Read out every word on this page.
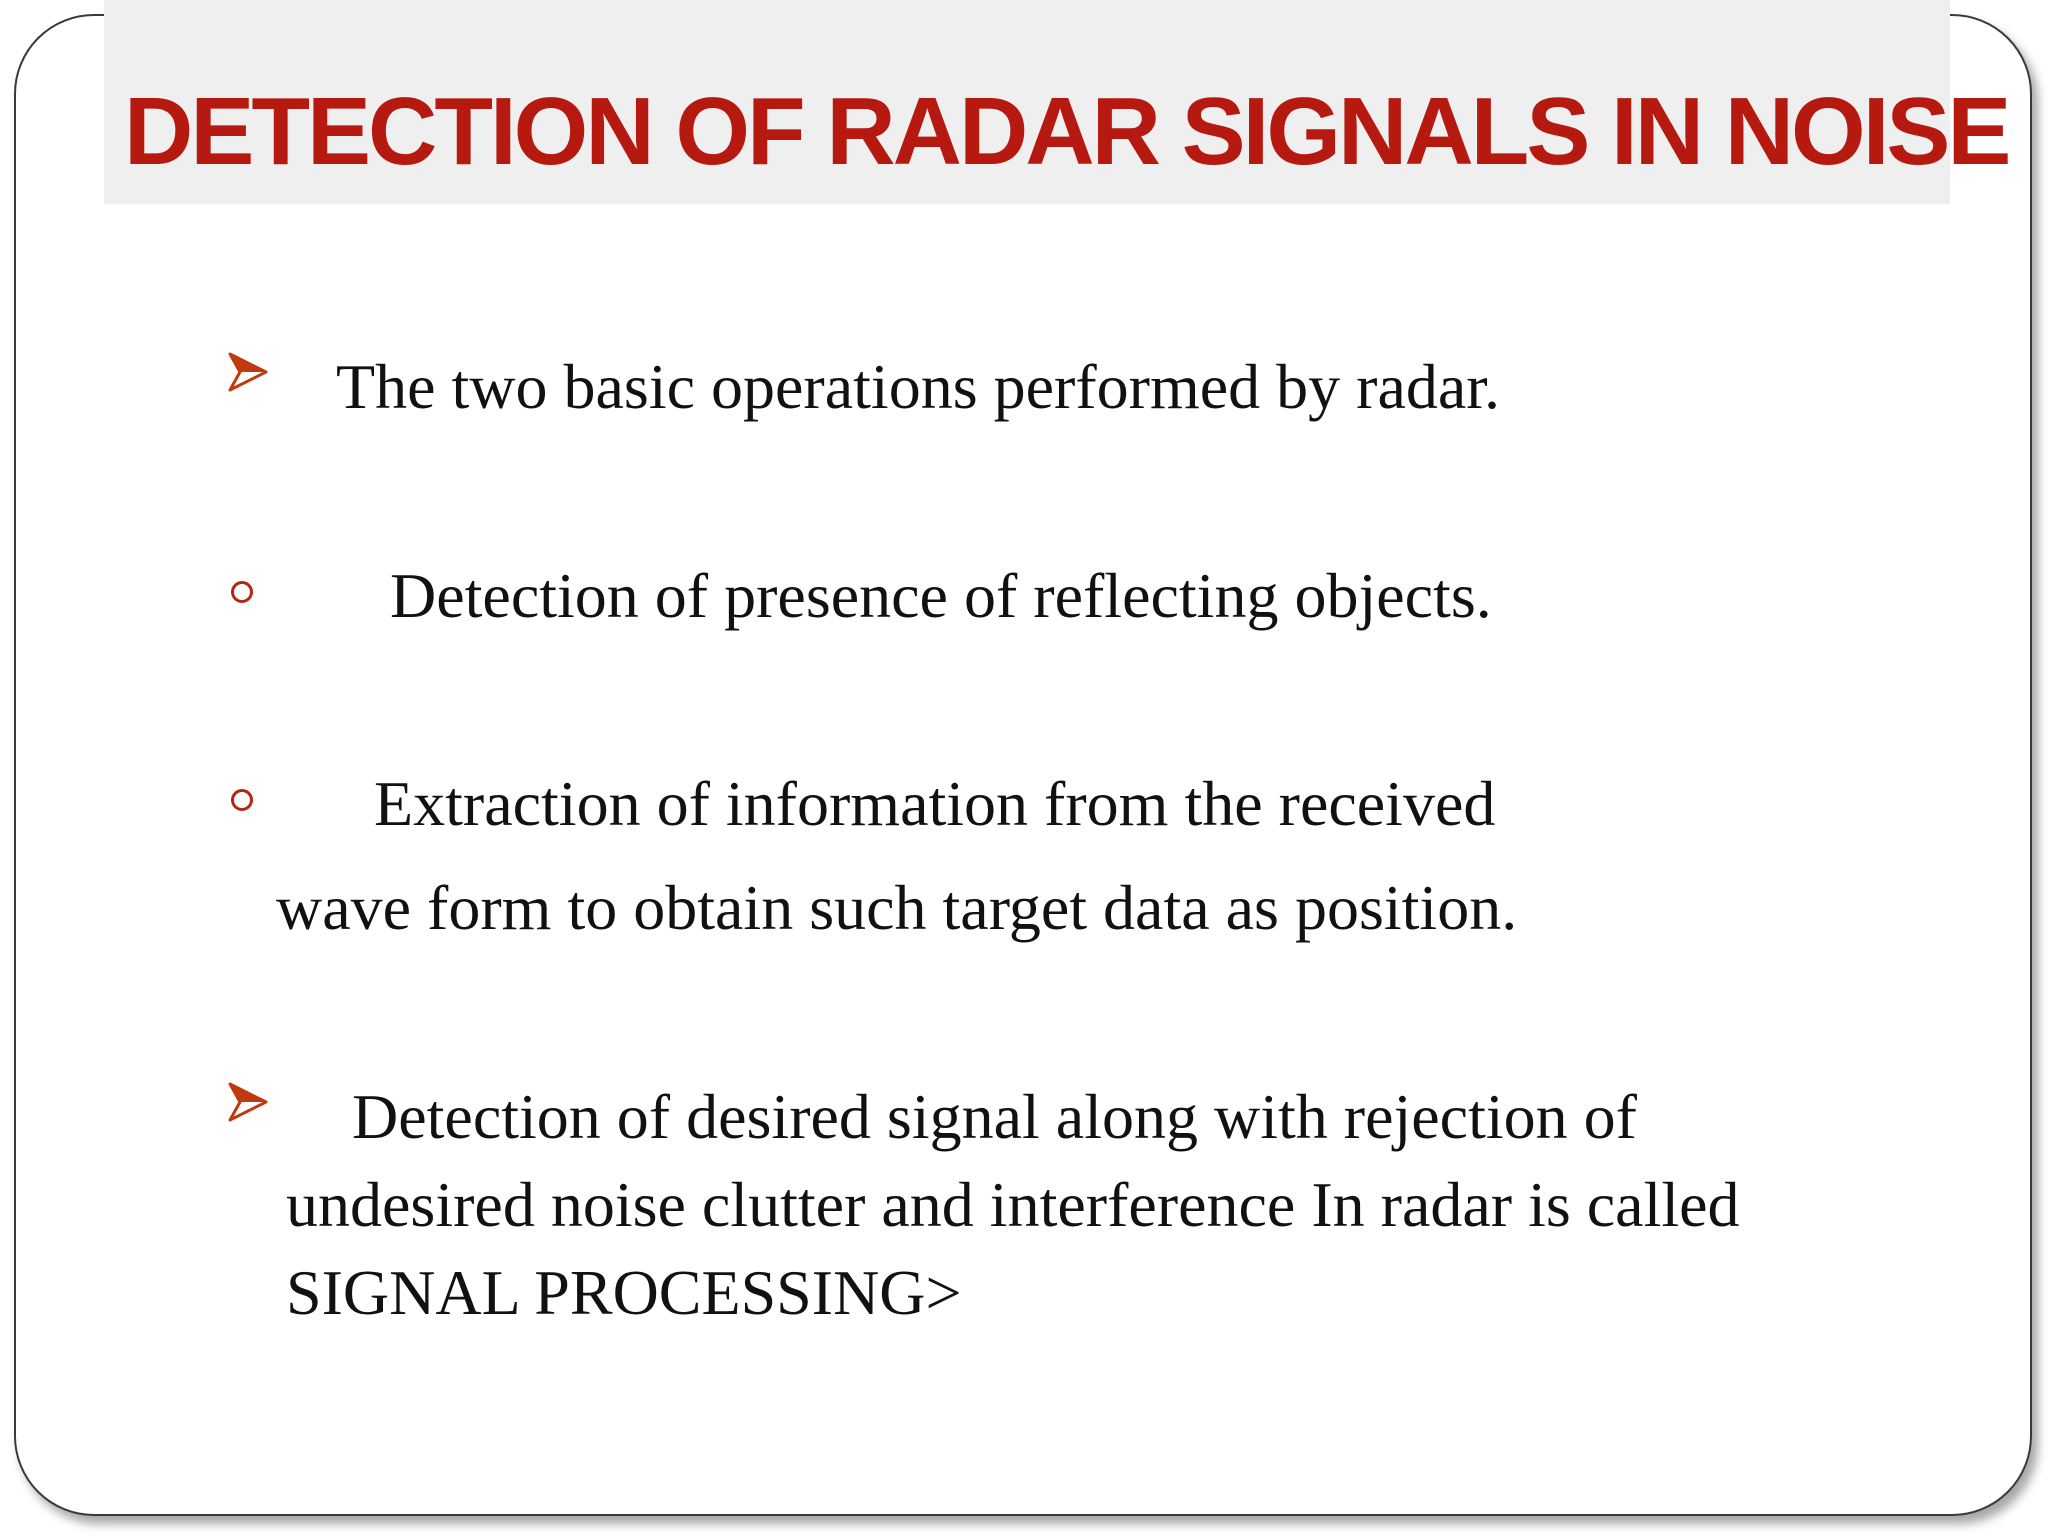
DETECTION OF RADAR SIGNALS IN NOISE
The two basic operations performed by radar.
Detection of presence of reflecting objects.
Extraction of information from the received
wave form to obtain such target data as position.
Detection of desired signal along with rejection of
undesired noise clutter and interference In radar is called
SIGNAL PROCESSING>
